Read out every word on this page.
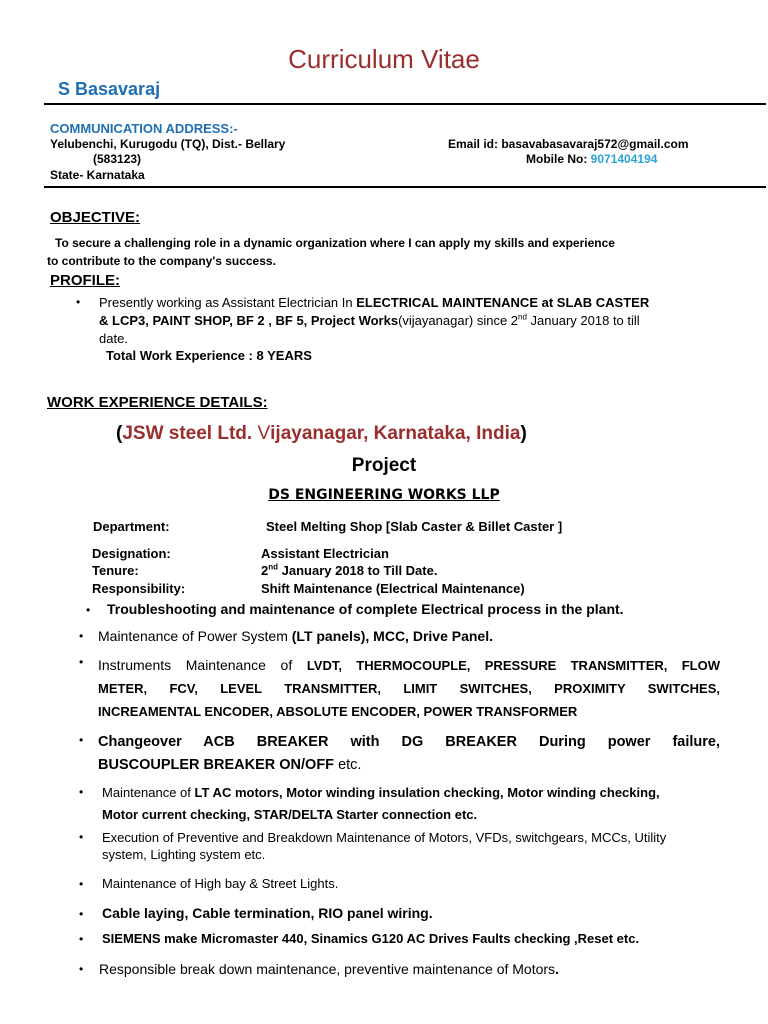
Curriculum Vitae
S Basavaraj
COMMUNICATION ADDRESS:-
Yelubenchi, Kurugodu (TQ), Dist.- Bellary
(583123)
State- Karnataka
Email id: basavabasavaraj572@gmail.com
Mobile No: 9071404194
OBJECTIVE:
To secure a challenging role in a dynamic organization where I can apply my skills and experience
to contribute to the company's success.
PROFILE:
• Presently working as Assistant Electrician In ELECTRICAL MAINTENANCE at SLAB CASTER
& LCP3, PAINT SHOP, BF 2 , BF 5, Project Works(vijayanagar) since 2nd January 2018 to till
date.
Total Work Experience : 8 YEARS
WORK EXPERIENCE DETAILS:
(JSW steel Ltd. Vijayanagar, Karnataka, India)
Project
DS ENGINEERING WORKS LLP
Department:	Steel Melting Shop [Slab Caster & Billet Caster ]
Designation:	Assistant Electrician
Tenure:	2nd January 2018 to Till Date.
Responsibility:	Shift Maintenance (Electrical Maintenance)
• Troubleshooting and maintenance of complete Electrical process in the plant.
• Maintenance of Power System (LT panels), MCC, Drive Panel.
• Instruments Maintenance of LVDT, THERMOCOUPLE, PRESSURE TRANSMITTER, FLOW
METER, FCV, LEVEL TRANSMITTER, LIMIT SWITCHES, PROXIMITY SWITCHES,
INCREAMENTAL ENCODER, ABSOLUTE ENCODER, POWER TRANSFORMER
• Changeover ACB BREAKER with DG BREAKER During power failure,
BUSCOUPLER BREAKER ON/OFF etc.
• Maintenance of LT AC motors, Motor winding insulation checking, Motor winding checking,
Motor current checking, STAR/DELTA Starter connection etc.
• Execution of Preventive and Breakdown Maintenance of Motors, VFDs, switchgears, MCCs, Utility
system, Lighting system etc.
• Maintenance of High bay & Street Lights.
• Cable laying, Cable termination, RIO panel wiring.
• SIEMENS make Micromaster 440, Sinamics G120 AC Drives Faults checking ,Reset etc.
• Responsible break down maintenance, preventive maintenance of Motors.
